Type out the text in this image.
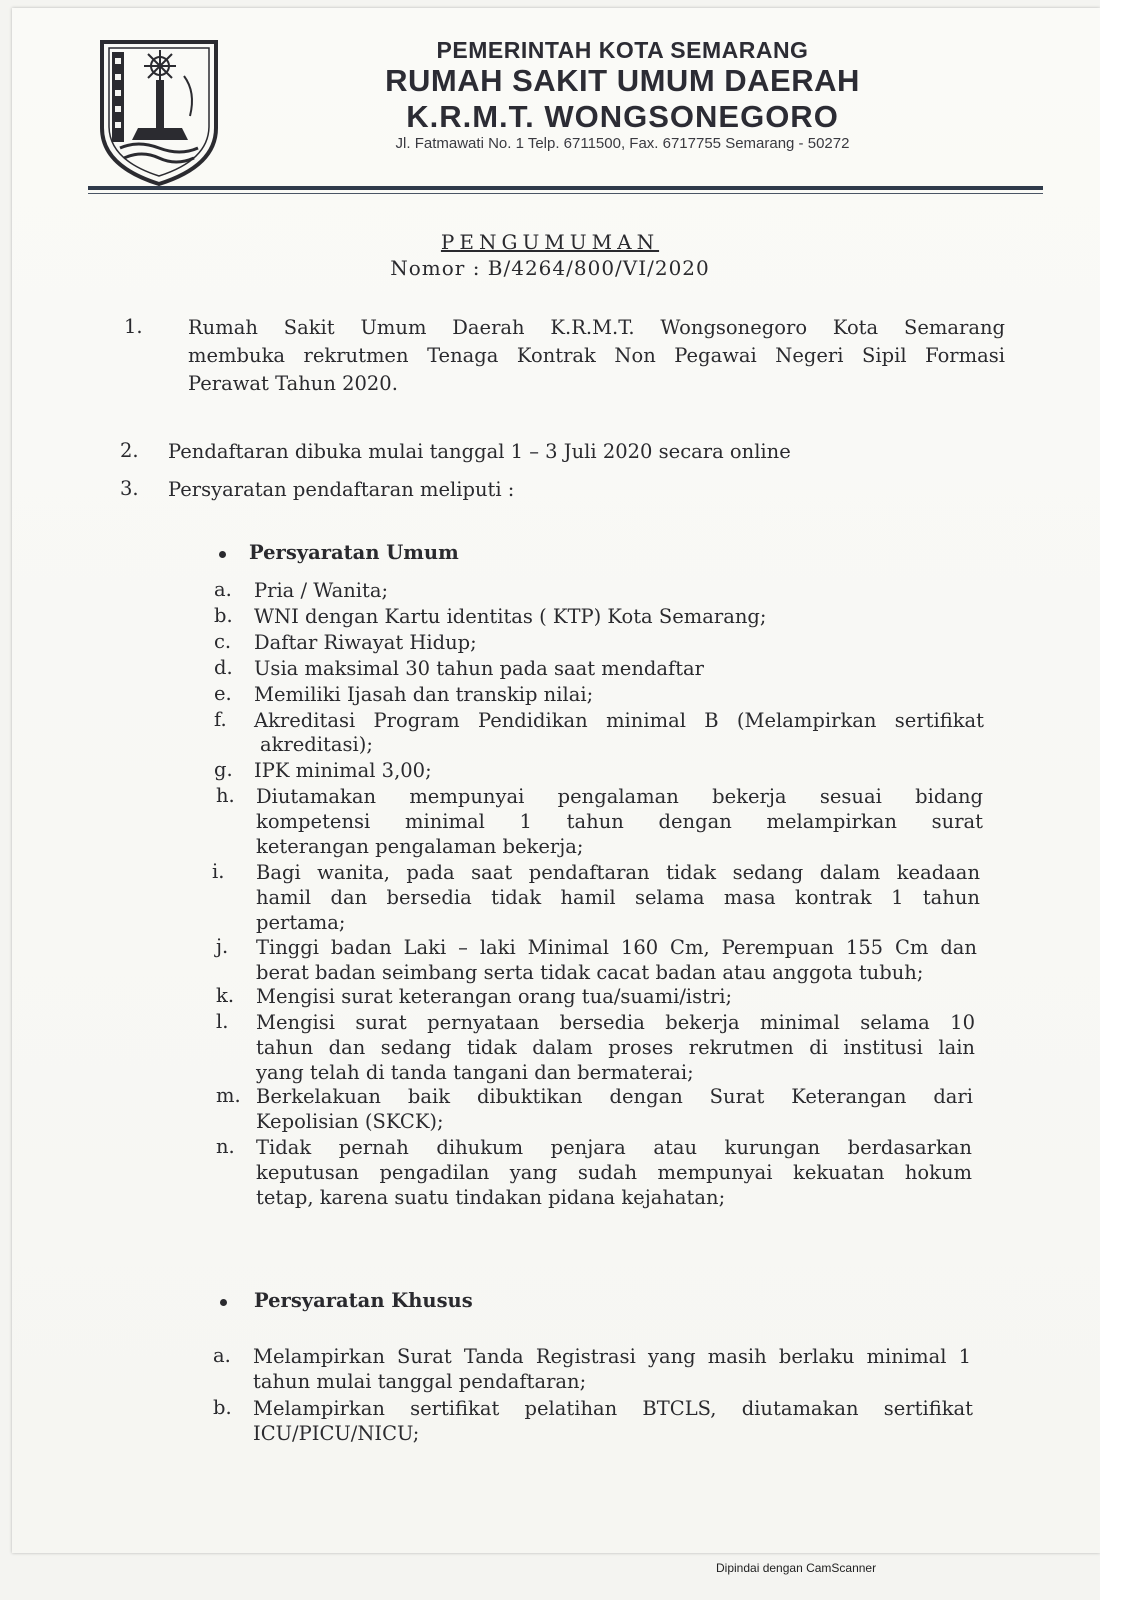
PEMERINTAH KOTA SEMARANG
RUMAH SAKIT UMUM DAERAH
K.R.M.T. WONGSONEGORO
Jl. Fatmawati No. 1 Telp. 6711500, Fax. 6717755 Semarang - 50272
PENGUMUMAN
Nomor : B/4264/800/VI/2020
1. Rumah Sakit Umum Daerah K.R.M.T. Wongsonegoro Kota Semarang
membuka rekrutmen Tenaga Kontrak Non Pegawai Negeri Sipil Formasi
Perawat Tahun 2020.
2. Pendaftaran dibuka mulai tanggal 1 – 3 Juli 2020 secara online
3. Persyaratan pendaftaran meliputi :
Persyaratan Umum
a. Pria / Wanita;
b. WNI dengan Kartu identitas ( KTP) Kota Semarang;
c. Daftar Riwayat Hidup;
d. Usia maksimal 30 tahun pada saat mendaftar
e. Memiliki Ijasah dan transkip nilai;
f. Akreditasi Program Pendidikan minimal B (Melampirkan sertifikat
akreditasi);
g. IPK minimal 3,00;
h. Diutamakan mempunyai pengalaman bekerja sesuai bidang
kompetensi minimal 1 tahun dengan melampirkan surat
keterangan pengalaman bekerja;
i. Bagi wanita, pada saat pendaftaran tidak sedang dalam keadaan
hamil dan bersedia tidak hamil selama masa kontrak 1 tahun
pertama;
j. Tinggi badan Laki – laki Minimal 160 Cm, Perempuan 155 Cm dan
berat badan seimbang serta tidak cacat badan atau anggota tubuh;
k. Mengisi surat keterangan orang tua/suami/istri;
l. Mengisi surat pernyataan bersedia bekerja minimal selama 10
tahun dan sedang tidak dalam proses rekrutmen di institusi lain
yang telah di tanda tangani dan bermaterai;
m. Berkelakuan baik dibuktikan dengan Surat Keterangan dari
Kepolisian (SKCK);
n. Tidak pernah dihukum penjara atau kurungan berdasarkan
keputusan pengadilan yang sudah mempunyai kekuatan hokum
tetap, karena suatu tindakan pidana kejahatan;
Persyaratan Khusus
a. Melampirkan Surat Tanda Registrasi yang masih berlaku minimal 1
tahun mulai tanggal pendaftaran;
b. Melampirkan sertifikat pelatihan BTCLS, diutamakan sertifikat
ICU/PICU/NICU;
Dipindai dengan CamScanner
